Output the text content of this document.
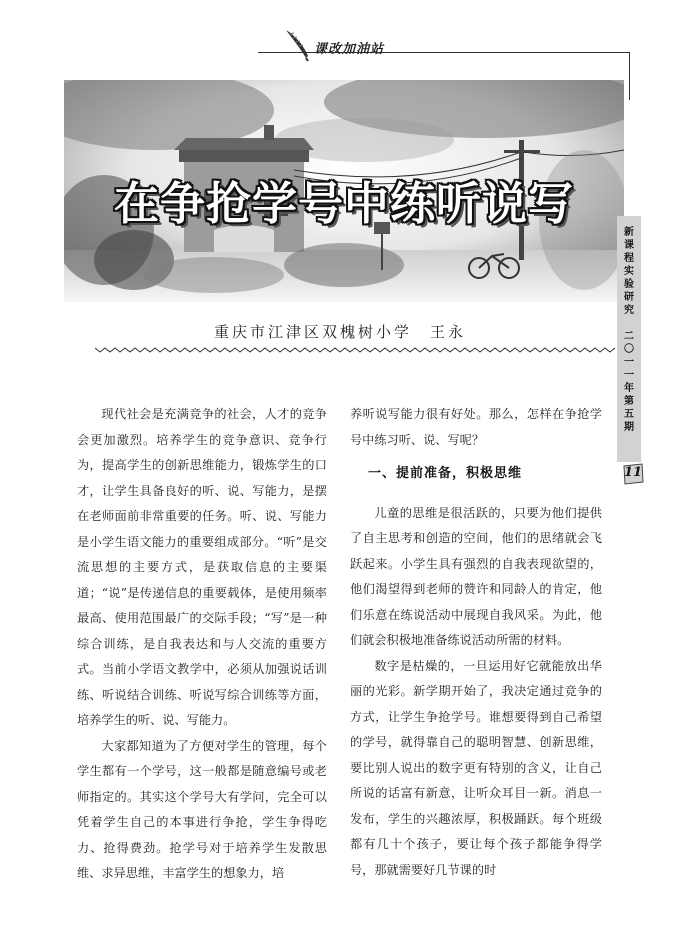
课改加油站
在争抢学号中练听说写
新课程实验研究
二〇一一年第五期
11
重庆市江津区双槐树小学 王永

现代社会是充满竞争的社会，人才的竞争会更加激烈。培养学生的竞争意识、竞争行为，提高学生的创新思维能力，锻炼学生的口才，让学生具备良好的听、说、写能力，是摆在老师面前非常重要的任务。听、说、写能力是小学生语文能力的重要组成部分。“听”是交流思想的主要方式，是获取信息的主要渠道；“说”是传递信息的重要载体，是使用频率最高、使用范围最广的交际手段；“写”是一种综合训练，是自我表达和与人交流的重要方式。当前小学语文教学中，必须从加强说话训练、听说结合训练、听说写综合训练等方面，培养学生的听、说、写能力。

大家都知道为了方便对学生的管理，每个学生都有一个学号，这一般都是随意编号或老师指定的。其实这个学号大有学问，完全可以凭着学生自己的本事进行争抢，学生争得吃力、抢得费劲。抢学号对于培养学生发散思维、求异思维，丰富学生的想象力，培

养听说写能力很有好处。那么，怎样在争抢学号中练习听、说、写呢？

一、提前准备，积极思维

儿童的思维是很活跃的，只要为他们提供了自主思考和创造的空间，他们的思绪就会飞跃起来。小学生具有强烈的自我表现欲望的，他们渴望得到老师的赞许和同龄人的肯定，他们乐意在练说活动中展现自我风采。为此，他们就会积极地准备练说活动所需的材料。

数字是枯燥的，一旦运用好它就能放出华丽的光彩。新学期开始了，我决定通过竞争的方式，让学生争抢学号。谁想要得到自己希望的学号，就得靠自己的聪明智慧、创新思维，要比别人说出的数字更有特别的含义，让自己所说的话富有新意，让听众耳目一新。消息一发布，学生的兴趣浓厚，积极踊跃。每个班级都有几十个孩子，要让每个孩子都能争得学号，那就需要好几节课的时
